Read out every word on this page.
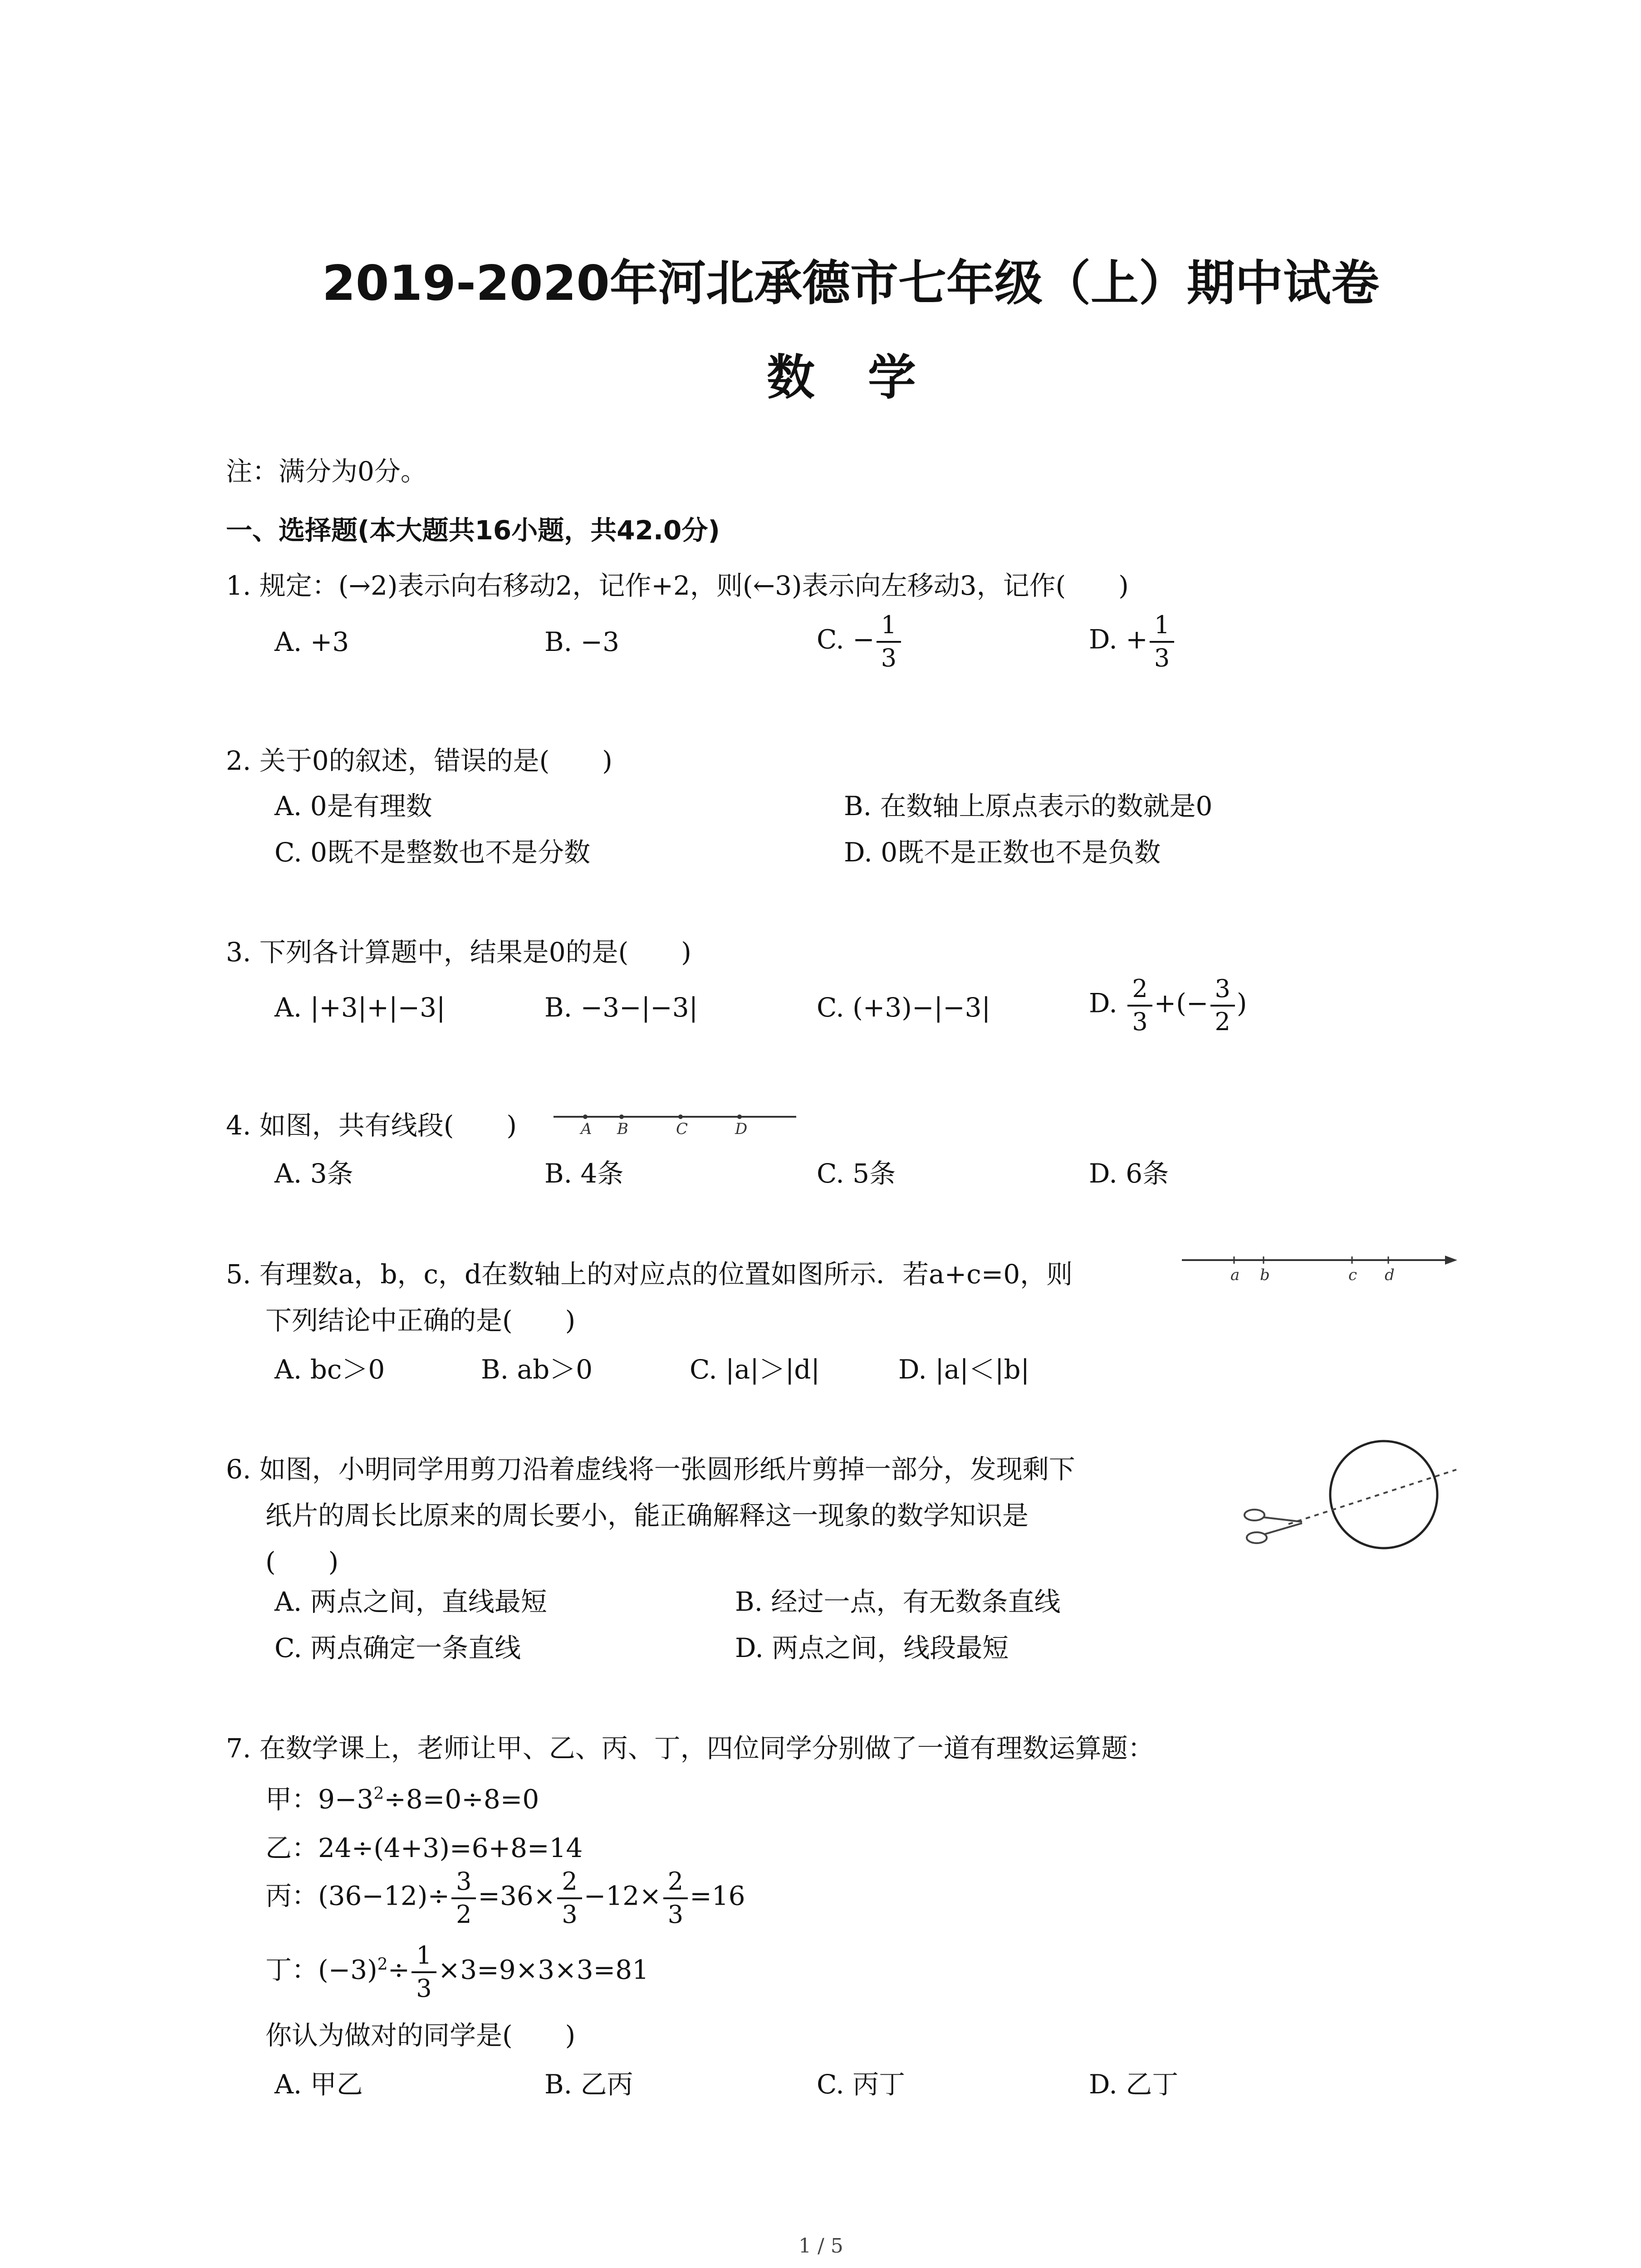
2019-2020年河北承德市七年级（上）期中试卷
数 学
注：满分为0分。
一、选择题(本大题共16小题，共42.0分)
1. 规定：(→2)表示向右移动2，记作+2，则(←3)表示向左移动3，记作(　　)
A. +3	B. −3	C. − $\frac{1}{3}$	D. + $\frac{1}{3}$
2. 关于0的叙述，错误的是(　　)
A. 0是有理数	B. 在数轴上原点表示的数就是0
C. 0既不是整数也不是分数	D. 0既不是正数也不是负数
3. 下列各计算题中，结果是0的是(　　)
A. |+3|+|−3|	B. −3−|−3|	C. (+3)−|−3|	D. $\frac{2}{3}$ +(− $\frac{3}{2}$ )
4. 如图，共有线段(　　)	A B	C	D
A. 3条	B. 4条	C. 5条	D. 6条
5. 有理数a，b，c，d在数轴上的对应点的位置如图所示．若a+c=0，则
下列结论中正确的是(　　)
a b	c d
A. bc＞0	B. ab＞0	C. |a|＞|d|	D. |a|＜|b|
6. 如图，小明同学用剪刀沿着虚线将一张圆形纸片剪掉一部分，发现剩下
纸片的周长比原来的周长要小，能正确解释这一现象的数学知识是
(　　)
A. 两点之间，直线最短	B. 经过一点，有无数条直线
C. 两点确定一条直线	D. 两点之间，线段最短
7. 在数学课上，老师让甲、乙、丙、丁，四位同学分别做了一道有理数运算题：
甲：$9-3^2\div 8=0\div 8=0$
乙：24÷(4+3)=6+8=14
丙：$(36-12)\div \frac{3}{2} =36\times \frac{2}{3} -12\times \frac{2}{3} =16$
丁：$(-3)^2\div \frac{1}{3} \times 3=9\times 3\times 3=81$
你认为做对的同学是(　　)
A. 甲乙	B. 乙丙	C. 丙丁	D. 乙丁
1 / 5
